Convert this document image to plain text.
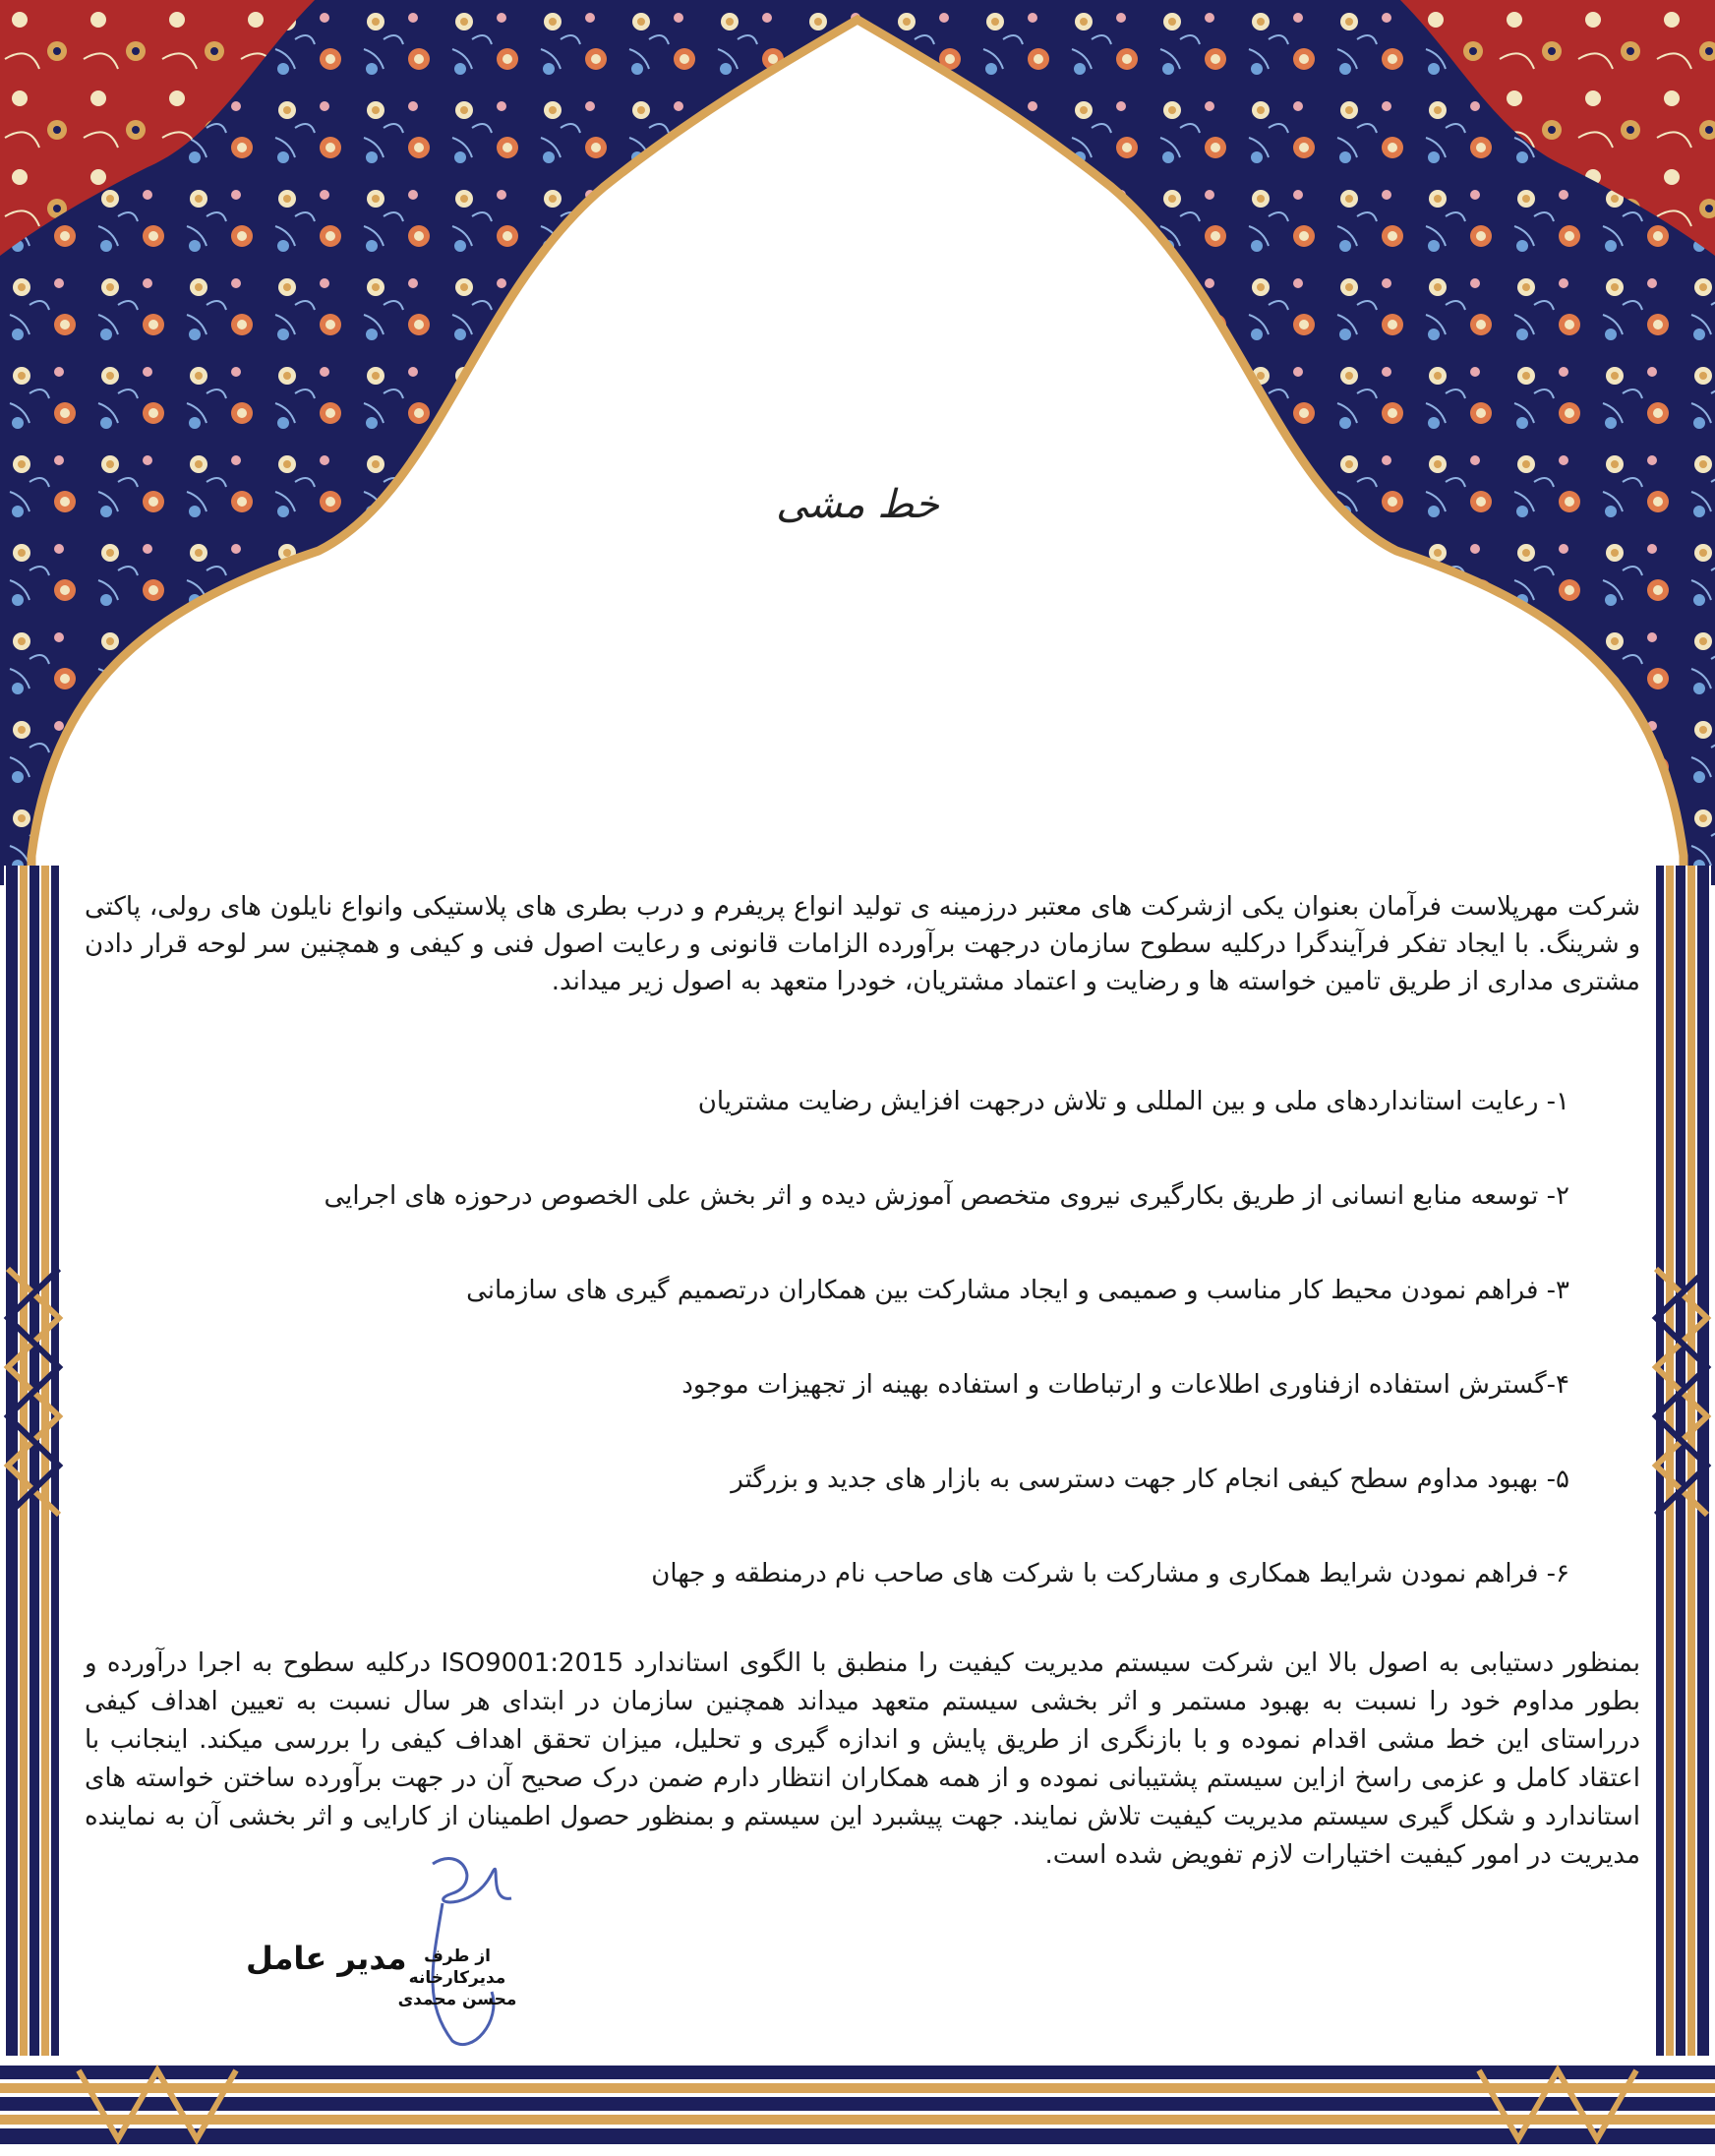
خط مشی
شرکت مهرپلاست فرآمان بعنوان یکی ازشرکت های معتبر درزمینه ی تولید انواع پریفرم و درب بطری های پلاستیکی وانواع نایلون های رولی، پاکتی و شرینگ. با ایجاد تفکر فرآیندگرا درکلیه سطوح سازمان درجهت برآورده الزامات قانونی و رعایت اصول فنی و کیفی و همچنین سر لوحه قرار دادن مشتری مداری از طریق تامین خواسته ها و رضایت و اعتماد مشتریان، خودرا متعهد به اصول زیر میداند.
۱- رعایت استانداردهای ملی و بین المللی و تلاش درجهت افزایش رضایت مشتریان
۲- توسعه منابع انسانی از طریق بکارگیری نیروی متخصص آموزش دیده و اثر بخش علی الخصوص درحوزه های اجرایی
۳- فراهم نمودن محیط کار مناسب و صمیمی و ایجاد مشارکت بین همکاران درتصمیم گیری های سازمانی
۴-گسترش استفاده ازفناوری اطلاعات و ارتباطات و استفاده بهینه از تجهیزات موجود
۵- بهبود مداوم سطح کیفی انجام کار جهت دسترسی به بازار های جدید و بزرگتر
۶- فراهم نمودن شرایط همکاری و مشارکت با شرکت های صاحب نام درمنطقه و جهان
بمنظور دستیابی به اصول بالا این شرکت سیستم مدیریت کیفیت را منطبق با الگوی استاندارد ISO9001:2015 درکلیه سطوح به اجرا درآورده و بطور مداوم خود را نسبت به بهبود مستمر و اثر بخشی سیستم متعهد میداند همچنین سازمان در ابتدای هر سال نسبت به تعیین اهداف کیفی درراستای این خط مشی اقدام نموده و با بازنگری از طریق پایش و اندازه گیری و تحلیل، میزان تحقق اهداف کیفی را بررسی میکند. اینجانب با اعتقاد کامل و عزمی راسخ ازاین سیستم پشتیبانی نموده و از همه همکاران انتظار دارم ضمن درک صحیح آن در جهت برآورده ساختن خواسته های استاندارد و شکل گیری سیستم مدیریت کیفیت تلاش نمایند. جهت پیشبرد این سیستم و بمنظور حصول اطمینان از کارایی و اثر بخشی آن به نماینده مدیریت در امور کیفیت اختیارات لازم تفویض شده است.
از طرف
مدیرکارخانه
محسن محمدی
مدیر عامل
